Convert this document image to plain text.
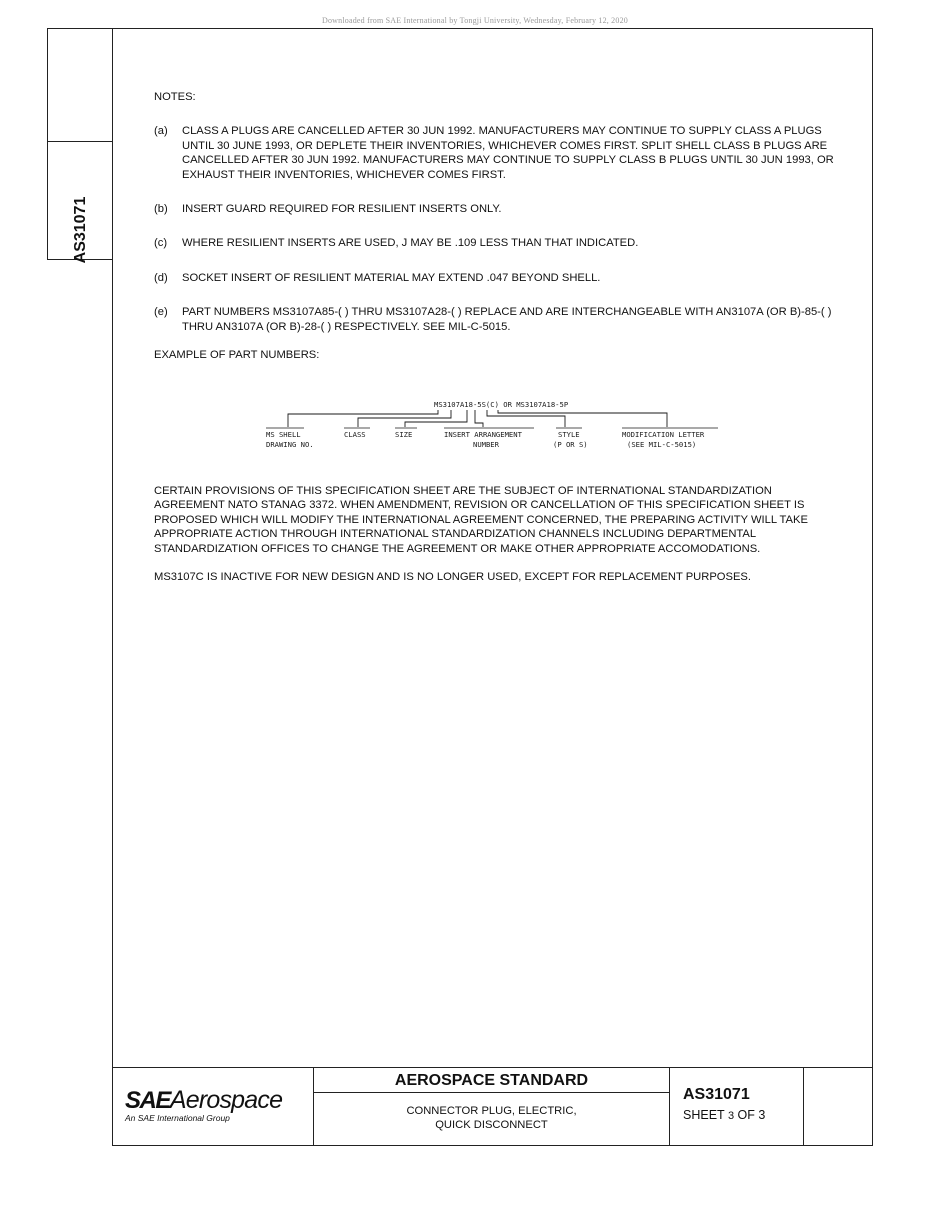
Downloaded from SAE International by Tongji University, Wednesday, February 12, 2020
AS31071
NOTES:
(a)	CLASS A PLUGS ARE CANCELLED AFTER 30 JUN 1992. MANUFACTURERS MAY CONTINUE TO SUPPLY CLASS A PLUGS UNTIL 30 JUNE 1993, OR DEPLETE THEIR INVENTORIES, WHICHEVER COMES FIRST. SPLIT SHELL CLASS B PLUGS ARE CANCELLED AFTER 30 JUN 1992. MANUFACTURERS MAY CONTINUE TO SUPPLY CLASS B PLUGS UNTIL 30 JUN 1993, OR EXHAUST THEIR INVENTORIES, WHICHEVER COMES FIRST.
(b)	INSERT GUARD REQUIRED FOR RESILIENT INSERTS ONLY.
(c)	WHERE RESILIENT INSERTS ARE USED, J MAY BE .109 LESS THAN THAT INDICATED.
(d)	SOCKET INSERT OF RESILIENT MATERIAL MAY EXTEND .047 BEYOND SHELL.
(e)	PART NUMBERS MS3107A85-( ) THRU MS3107A28-( ) REPLACE AND ARE INTERCHANGEABLE WITH AN3107A (OR B)-85-( ) THRU AN3107A (OR B)-28-( ) RESPECTIVELY. SEE MIL-C-5015.
EXAMPLE OF PART NUMBERS:
MS3107A18-5S(C) OR MS3107A18-5P
MS SHELL
DRAWING NO.
CLASS	SIZE	INSERT ARRANGEMENT
NUMBER
STYLE
(P OR S)
MODIFICATION LETTER
(SEE MIL-C-5015)

CERTAIN PROVISIONS OF THIS SPECIFICATION SHEET ARE THE SUBJECT OF INTERNATIONAL STANDARDIZATION AGREEMENT NATO STANAG 3372. WHEN AMENDMENT, REVISION OR CANCELLATION OF THIS SPECIFICATION SHEET IS PROPOSED WHICH WILL MODIFY THE INTERNATIONAL AGREEMENT CONCERNED, THE PREPARING ACTIVITY WILL TAKE APPROPRIATE ACTION THROUGH INTERNATIONAL STANDARDIZATION CHANNELS INCLUDING DEPARTMENTAL STANDARDIZATION OFFICES TO CHANGE THE AGREEMENT OR MAKE OTHER APPROPRIATE ACCOMODATIONS.

MS3107C IS INACTIVE FOR NEW DESIGN AND IS NO LONGER USED, EXCEPT FOR REPLACEMENT PURPOSES.

SAEAerospace
An SAE International Group
AEROSPACE STANDARD
CONNECTOR PLUG, ELECTRIC,
QUICK DISCONNECT
AS31071
SHEET 3 OF 3
